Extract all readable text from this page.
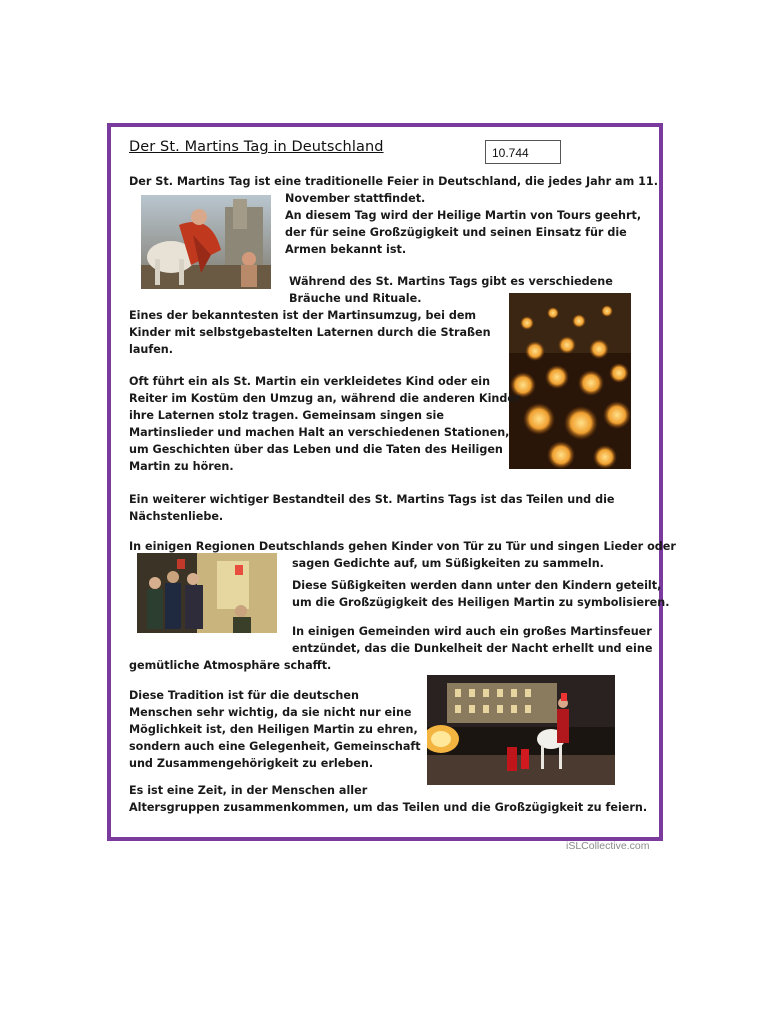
Der St. Martins Tag in Deutschland	10.744
Der St. Martins Tag ist eine traditionelle Feier in Deutschland, die jedes Jahr am 11.
November stattfindet.
An diesem Tag wird der Heilige Martin von Tours geehrt,
der für seine Großzügigkeit und seinen Einsatz für die
Armen bekannt ist.
Während des St. Martins Tags gibt es verschiedene
Bräuche und Rituale.
Eines der bekanntesten ist der Martinsumzug, bei dem
Kinder mit selbstgebastelten Laternen durch die Straßen
laufen.
Oft führt ein als St. Martin ein verkleidetes Kind oder ein
Reiter im Kostüm den Umzug an, während die anderen Kinder
ihre Laternen stolz tragen. Gemeinsam singen sie
Martinslieder und machen Halt an verschiedenen Stationen,
um Geschichten über das Leben und die Taten des Heiligen
Martin zu hören.
Ein weiterer wichtiger Bestandteil des St. Martins Tags ist das Teilen und die
Nächstenliebe.
In einigen Regionen Deutschlands gehen Kinder von Tür zu Tür und singen Lieder oder
sagen Gedichte auf, um Süßigkeiten zu sammeln.
Diese Süßigkeiten werden dann unter den Kindern geteilt,
um die Großzügigkeit des Heiligen Martin zu symbolisieren.
In einigen Gemeinden wird auch ein großes Martinsfeuer
entzündet, das die Dunkelheit der Nacht erhellt und eine
gemütliche Atmosphäre schafft.
Diese Tradition ist für die deutschen
Menschen sehr wichtig, da sie nicht nur eine
Möglichkeit ist, den Heiligen Martin zu ehren,
sondern auch eine Gelegenheit, Gemeinschaft
und Zusammengehörigkeit zu erleben.
Es ist eine Zeit, in der Menschen aller
Altersgruppen zusammenkommen, um das Teilen und die Großzügigkeit zu feiern.
iSLCollective.com
